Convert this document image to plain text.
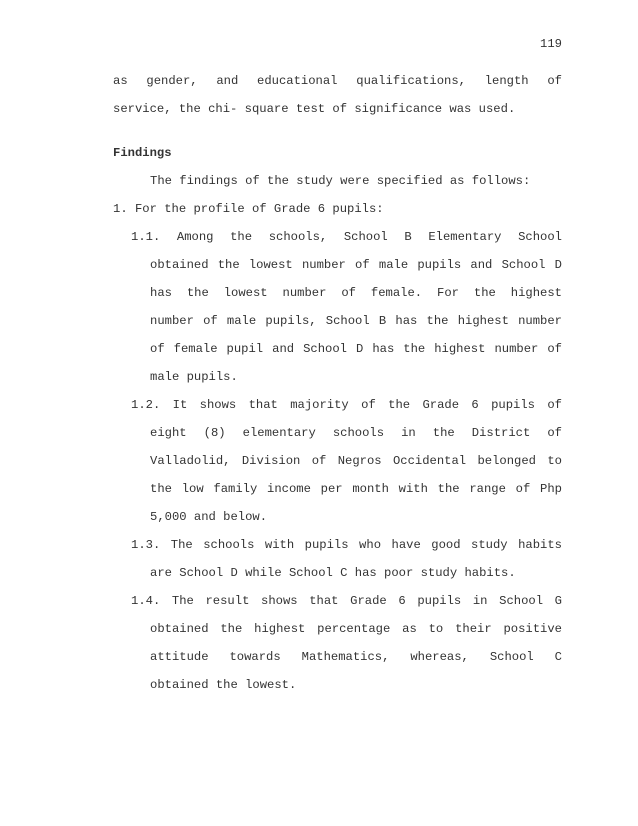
119
as gender, and educational qualifications, length of
service, the chi- square test of significance was used.
Findings
The findings of the study were specified as follows:
1. For the profile of Grade 6 pupils:
1.1. Among the schools, School B Elementary School
obtained the lowest number of male pupils and School D
has the lowest number of female. For the highest
number of male pupils, School B has the highest number
of female pupil and School D has the highest number of
male pupils.
1.2. It shows that majority of the Grade 6 pupils of
eight (8) elementary schools in the District of
Valladolid, Division of Negros Occidental belonged to
the low family income per month with the range of Php
5,000 and below.
1.3. The schools with pupils who have good study habits
are School D while School C has poor study habits.
1.4. The result shows that Grade 6 pupils in School G
obtained the highest percentage as to their positive
attitude towards Mathematics, whereas, School C
obtained the lowest.
